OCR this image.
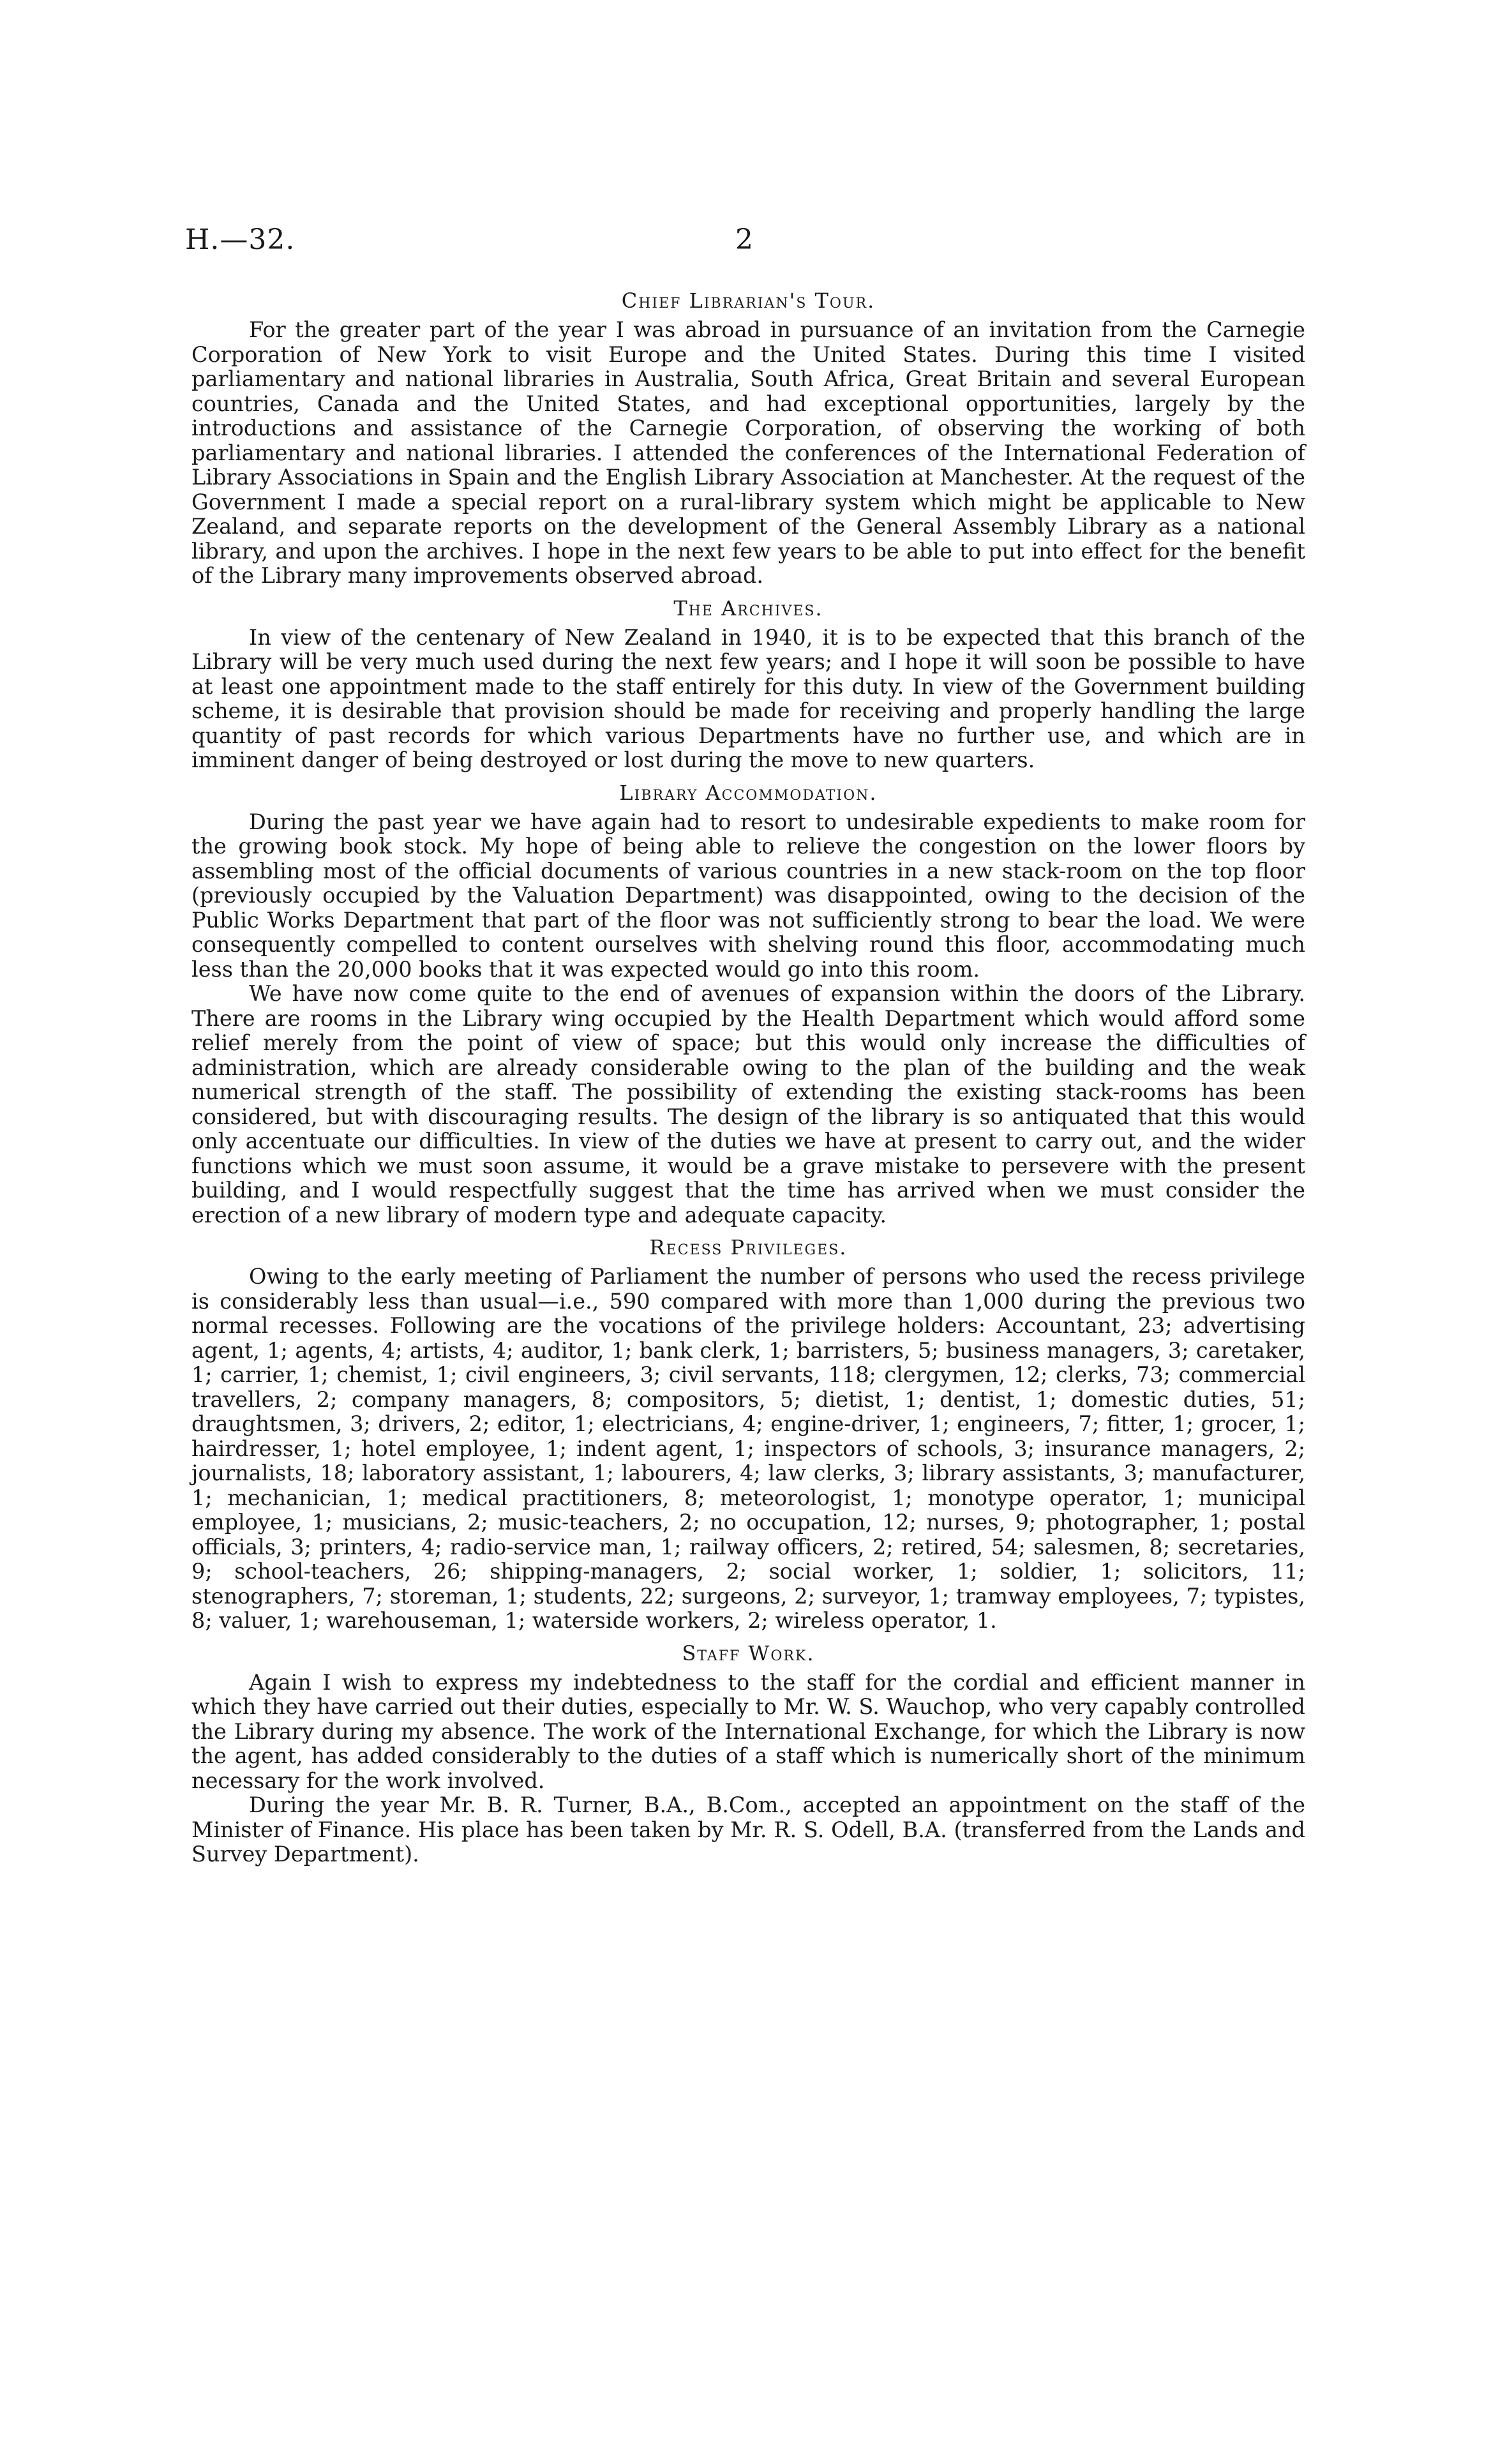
H.—32.	2
Chief Librarian's Tour.

For the greater part of the year I was abroad in pursuance of an invitation from the Carnegie Corporation of New York to visit Europe and the United States. During this time I visited parliamentary and national libraries in Australia, South Africa, Great Britain and several European countries, Canada and the United States, and had exceptional opportunities, largely by the introductions and assistance of the Carnegie Corporation, of observing the working of both parliamentary and national libraries. I attended the conferences of the International Federation of Library Associations in Spain and the English Library Association at Manchester. At the request of the Government I made a special report on a rural-library system which might be applicable to New Zealand, and separate reports on the development of the General Assembly Library as a national library, and upon the archives. I hope in the next few years to be able to put into effect for the benefit of the Library many improvements observed abroad.

The Archives.

In view of the centenary of New Zealand in 1940, it is to be expected that this branch of the Library will be very much used during the next few years; and I hope it will soon be possible to have at least one appointment made to the staff entirely for this duty. In view of the Government building scheme, it is desirable that provision should be made for receiving and properly handling the large quantity of past records for which various Departments have no further use, and which are in imminent danger of being destroyed or lost during the move to new quarters.

Library Accommodation.

During the past year we have again had to resort to undesirable expedients to make room for the growing book stock. My hope of being able to relieve the congestion on the lower floors by assembling most of the official documents of various countries in a new stack-room on the top floor (previously occupied by the Valuation Department) was disappointed, owing to the decision of the Public Works Department that part of the floor was not sufficiently strong to bear the load. We were consequently compelled to content ourselves with shelving round this floor, accommodating much less than the 20,000 books that it was expected would go into this room.

We have now come quite to the end of avenues of expansion within the doors of the Library. There are rooms in the Library wing occupied by the Health Department which would afford some relief merely from the point of view of space; but this would only increase the difficulties of administration, which are already considerable owing to the plan of the building and the weak numerical strength of the staff. The possibility of extending the existing stack-rooms has been considered, but with discouraging results. The design of the library is so antiquated that this would only accentuate our difficulties. In view of the duties we have at present to carry out, and the wider functions which we must soon assume, it would be a grave mistake to persevere with the present building, and I would respectfully suggest that the time has arrived when we must consider the erection of a new library of modern type and adequate capacity.

Recess Privileges.

Owing to the early meeting of Parliament the number of persons who used the recess privilege is considerably less than usual—i.e., 590 compared with more than 1,000 during the previous two normal recesses. Following are the vocations of the privilege holders: Accountant, 23; advertising agent, 1; agents, 4; artists, 4; auditor, 1; bank clerk, 1; barristers, 5; business managers, 3; caretaker, 1; carrier, 1; chemist, 1; civil engineers, 3; civil servants, 118; clergymen, 12; clerks, 73; commercial travellers, 2; company managers, 8; compositors, 5; dietist, 1; dentist, 1; domestic duties, 51; draughtsmen, 3; drivers, 2; editor, 1; electricians, 4; engine-driver, 1; engineers, 7; fitter, 1; grocer, 1; hairdresser, 1; hotel employee, 1; indent agent, 1; inspectors of schools, 3; insurance managers, 2; journalists, 18; laboratory assistant, 1; labourers, 4; law clerks, 3; library assistants, 3; manufacturer, 1; mechanician, 1; medical practitioners, 8; meteorologist, 1; monotype operator, 1; municipal employee, 1; musicians, 2; music-teachers, 2; no occupation, 12; nurses, 9; photographer, 1; postal officials, 3; printers, 4; radio-service man, 1; railway officers, 2; retired, 54; salesmen, 8; secretaries, 9; school-teachers, 26; shipping-managers, 2; social worker, 1; soldier, 1; solicitors, 11; stenographers, 7; storeman, 1; students, 22; surgeons, 2; surveyor, 1; tramway employees, 7; typistes, 8; valuer, 1; warehouseman, 1; waterside workers, 2; wireless operator, 1.

Staff Work.

Again I wish to express my indebtedness to the staff for the cordial and efficient manner in which they have carried out their duties, especially to Mr. W. S. Wauchop, who very capably controlled the Library during my absence. The work of the International Exchange, for which the Library is now the agent, has added considerably to the duties of a staff which is numerically short of the minimum necessary for the work involved.

During the year Mr. B. R. Turner, B.A., B.Com., accepted an appointment on the staff of the Minister of Finance. His place has been taken by Mr. R. S. Odell, B.A. (transferred from the Lands and Survey Department).
